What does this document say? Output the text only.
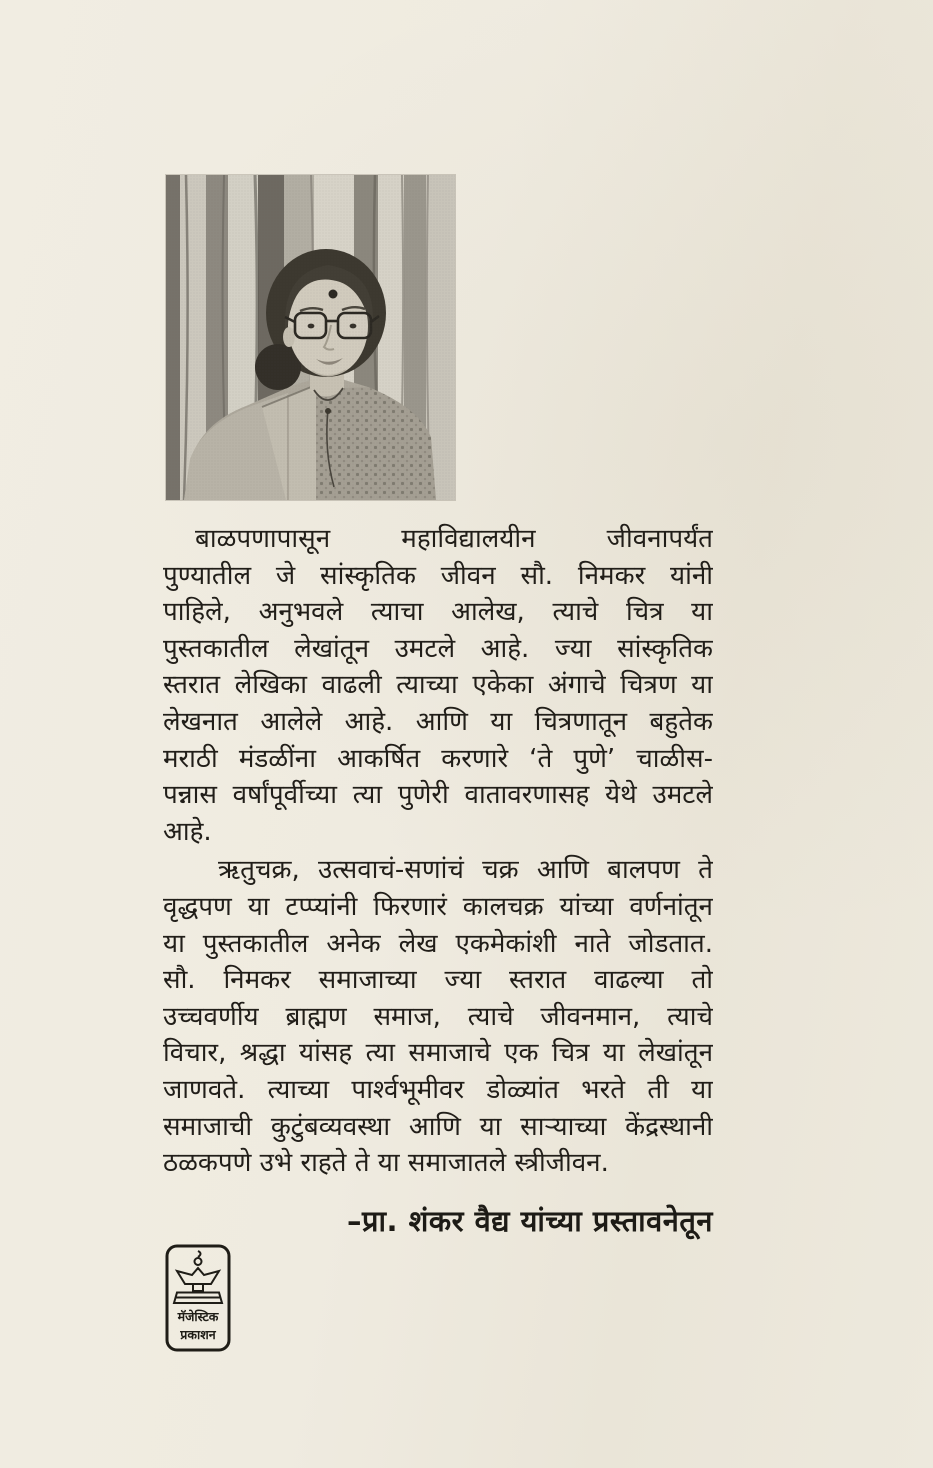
बाळपणापासून महाविद्यालयीन जीवनापर्यंत
पुण्यातील जे सांस्कृतिक जीवन सौ. निमकर यांनी
पाहिले, अनुभवले त्याचा आलेख, त्याचे चित्र या
पुस्तकातील लेखांतून उमटले आहे. ज्या सांस्कृतिक
स्तरात लेखिका वाढली त्याच्या एकेका अंगाचे चित्रण या
लेखनात आलेले आहे. आणि या चित्रणातून बहुतेक
मराठी मंडळींना आकर्षित करणारे ‘ते पुणे’ चाळीस-
पन्नास वर्षांपूर्वीच्या त्या पुणेरी वातावरणासह येथे उमटले
आहे.
ऋतुचक्र, उत्सवाचं-सणांचं चक्र आणि बालपण ते
वृद्धपण या टप्प्यांनी फिरणारं कालचक्र यांच्या वर्णनांतून
या पुस्तकातील अनेक लेख एकमेकांशी नाते जोडतात.
सौ. निमकर समाजाच्या ज्या स्तरात वाढल्या तो
उच्चवर्णीय ब्राह्मण समाज, त्याचे जीवनमान, त्याचे
विचार, श्रद्धा यांसह त्या समाजाचे एक चित्र या लेखांतून
जाणवते. त्याच्या पार्श्वभूमीवर डोळ्यांत भरते ती या
समाजाची कुटुंबव्यवस्था आणि या साऱ्याच्या केंद्रस्थानी
ठळकपणे उभे राहते ते या समाजातले स्त्रीजीवन.
–प्रा. शंकर वैद्य यांच्या प्रस्तावनेतून
मॅजेस्टिक
प्रकाशन
